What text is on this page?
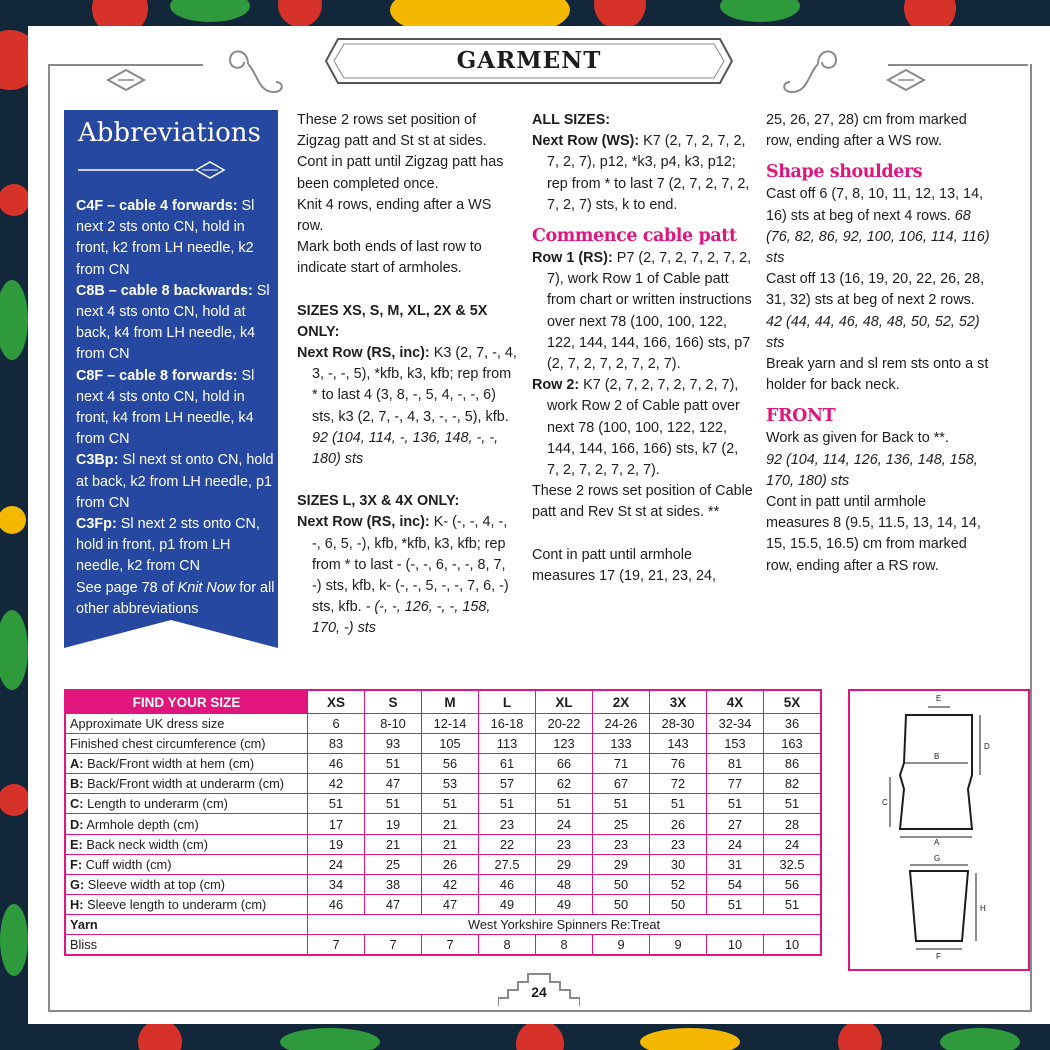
GARMENT
Abbreviations

C4F – cable 4 forwards: Sl next 2 sts onto CN, hold in front, k2 from LH needle, k2 from CN

C8B – cable 8 backwards: Sl next 4 sts onto CN, hold at back, k4 from LH needle, k4 from CN

C8F – cable 8 forwards: Sl next 4 sts onto CN, hold in front, k4 from LH needle, k4 from CN

C3Bp: Sl next st onto CN, hold at back, k2 from LH needle, p1 from CN

C3Fp: Sl next 2 sts onto CN, hold in front, p1 from LH needle, k2 from CN

See page 78 of Knit Now for all other abbreviations

These 2 rows set position of Zigzag patt and St st at sides.

Cont in patt until Zigzag patt has been completed once.

Knit 4 rows, ending after a WS row.

Mark both ends of last row to indicate start of armholes.

SIZES XS, S, M, XL, 2X & 5X ONLY:

Next Row (RS, inc): K3 (2, 7, -, 4, 3, -, -, 5), *kfb, k3, kfb; rep from * to last 4 (3, 8, -, 5, 4, -, -, 6) sts, k3 (2, 7, -, 4, 3, -, -, 5), kfb. 92 (104, 114, -, 136, 148, -, -, 180) sts

SIZES L, 3X & 4X ONLY:

Next Row (RS, inc): K- (-, -, 4, -, -, 6, 5, -), kfb, *kfb, k3, kfb; rep from * to last - (-, -, 6, -, -, 8, 7, -) sts, kfb, k- (-, -, 5, -, -, 7, 6, -) sts, kfb. - (-, -, 126, -, -, 158, 170, -) sts

ALL SIZES:

Next Row (WS): K7 (2, 7, 2, 7, 2, 7, 2, 7), p12, *k3, p4, k3, p12; rep from * to last 7 (2, 7, 2, 7, 2, 7, 2, 7) sts, k to end.

Commence cable patt

Row 1 (RS): P7 (2, 7, 2, 7, 2, 7, 2, 7), work Row 1 of Cable patt from chart or written instructions over next 78 (100, 100, 122, 122, 144, 144, 166, 166) sts, p7 (2, 7, 2, 7, 2, 7, 2, 7).

Row 2: K7 (2, 7, 2, 7, 2, 7, 2, 7), work Row 2 of Cable patt over next 78 (100, 100, 122, 122, 144, 144, 166, 166) sts, k7 (2, 7, 2, 7, 2, 7, 2, 7).

These 2 rows set position of Cable patt and Rev St st at sides. **

Cont in patt until armhole measures 17 (19, 21, 23, 24,

25, 26, 27, 28) cm from marked row, ending after a WS row.

Shape shoulders

Cast off 6 (7, 8, 10, 11, 12, 13, 14, 16) sts at beg of next 4 rows. 68 (76, 82, 86, 92, 100, 106, 114, 116) sts

Cast off 13 (16, 19, 20, 22, 26, 28, 31, 32) sts at beg of next 2 rows. 42 (44, 44, 46, 48, 48, 50, 52, 52) sts

Break yarn and sl rem sts onto a st holder for back neck.

FRONT

Work as given for Back to **.

92 (104, 114, 126, 136, 148, 158, 170, 180) sts

Cont in patt until armhole measures 8 (9.5, 11.5, 13, 14, 14, 15, 15.5, 16.5) cm from marked row, ending after a RS row.

FIND YOUR SIZE	XS	S	M	L	XL	2X	3X	4X	5X
Approximate UK dress size	6	8-10	12-14	16-18	20-22	24-26	28-30	32-34	36
Finished chest circumference (cm)	83	93	105	113	123	133	143	153	163
A: Back/Front width at hem (cm)	46	51	56	61	66	71	76	81	86
B: Back/Front width at underarm (cm)	42	47	53	57	62	67	72	77	82
C: Length to underarm (cm)	51	51	51	51	51	51	51	51	51
D: Armhole depth (cm)	17	19	21	23	24	25	26	27	28
E: Back neck width (cm)	19	21	21	22	23	23	23	24	24
F: Cuff width (cm)	24	25	26	27.5	29	29	30	31	32.5
G: Sleeve width at top (cm)	34	38	42	46	48	50	52	54	56
H: Sleeve length to underarm (cm)	46	47	47	49	49	50	50	51	51
Yarn	West Yorkshire Spinners Re:Treat								
Bliss	7	7	7	8	8	9	9	10	10
E
B
C
D
A
G
H
F
24
